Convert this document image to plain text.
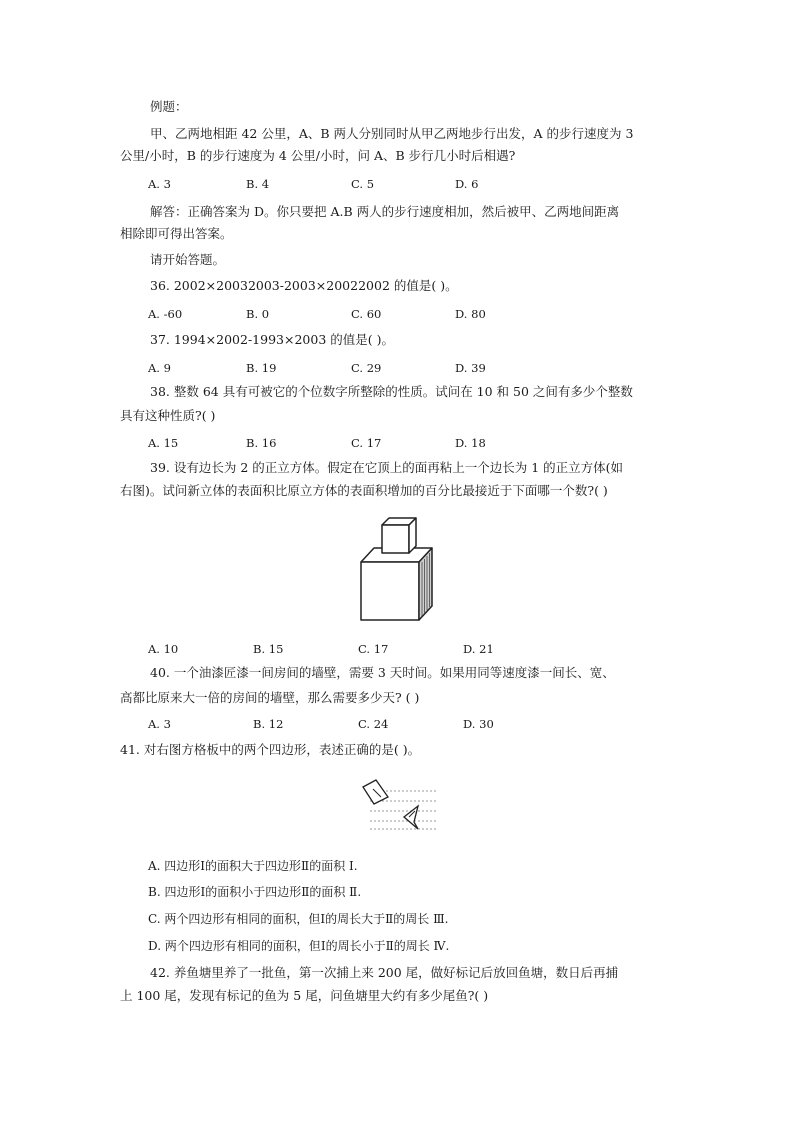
例题：
甲、乙两地相距 42 公里，A、B 两人分别同时从甲乙两地步行出发，A 的步行速度为 3
公里/小时，B 的步行速度为 4 公里/小时，问 A、B 步行几小时后相遇?
A. 3	B. 4	C. 5	D. 6
解答：正确答案为 D。你只要把 A.B 两人的步行速度相加，然后被甲、乙两地间距离
相除即可得出答案。
请开始答题。
36. 2002×20032003-2003×20022002 的值是( )。
A. -60	B. 0	C. 60	D. 80
37. 1994×2002-1993×2003 的值是( )。
A. 9	B. 19	C. 29	D. 39
38. 整数 64 具有可被它的个位数字所整除的性质。试问在 10 和 50 之间有多少个整数
具有这种性质?( )
A. 15	B. 16	C. 17	D. 18
39. 设有边长为 2 的正立方体。假定在它顶上的面再粘上一个边长为 1 的正立方体(如
右图)。试问新立体的表面积比原立方体的表面积增加的百分比最接近于下面哪一个数?( )
A. 10	B. 15	C. 17	D. 21
40. 一个油漆匠漆一间房间的墙壁，需要 3 天时间。如果用同等速度漆一间长、宽、
高都比原来大一倍的房间的墙壁，那么需要多少天? ( )
A. 3	B. 12	C. 24	D. 30
41. 对右图方格板中的两个四边形，表述正确的是( )。
A. 四边形Ⅰ的面积大于四边形Ⅱ的面积 Ⅰ.
B. 四边形Ⅰ的面积小于四边形Ⅱ的面积 Ⅱ.
C. 两个四边形有相同的面积，但Ⅰ的周长大于Ⅱ的周长 Ⅲ.
D. 两个四边形有相同的面积，但Ⅰ的周长小于Ⅱ的周长 Ⅳ.
42. 养鱼塘里养了一批鱼，第一次捕上来 200 尾，做好标记后放回鱼塘，数日后再捕
上 100 尾，发现有标记的鱼为 5 尾，问鱼塘里大约有多少尾鱼?( )
